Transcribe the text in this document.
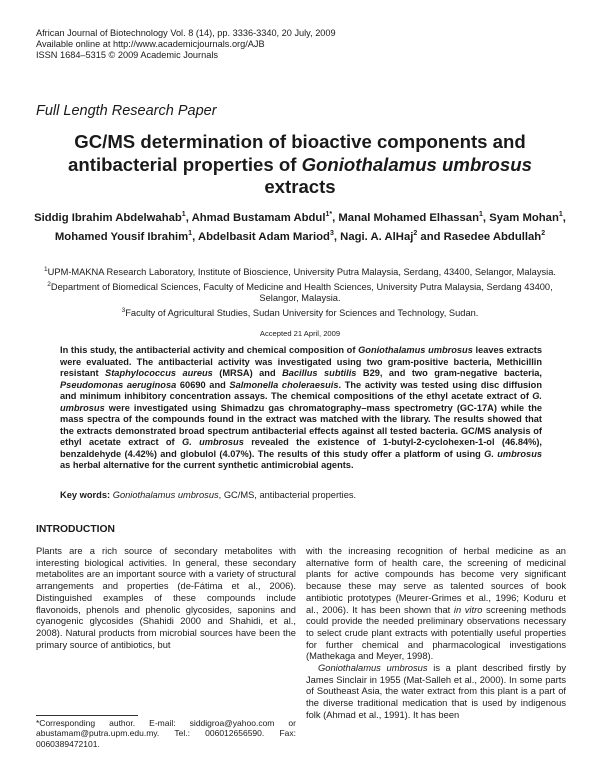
African Journal of Biotechnology Vol. 8 (14), pp. 3336-3340, 20 July, 2009
Available online at http://www.academicjournals.org/AJB
ISSN 1684–5315 © 2009 Academic Journals
Full Length Research Paper
GC/MS determination of bioactive components and antibacterial properties of Goniothalamus umbrosus extracts
Siddig Ibrahim Abdelwahab$^1$, Ahmad Bustamam Abdul$^{1*}$, Manal Mohamed Elhassan$^1$, Syam Mohan$^1$, Mohamed Yousif Ibrahim$^1$, Abdelbasit Adam Mariod$^3$, Nagi. A. AlHaj$^2$ and Rasedee Abdullah$^2$
$^1$UPM-MAKNA Research Laboratory, Institute of Bioscience, University Putra Malaysia, Serdang, 43400, Selangor, Malaysia.
$^2$Department of Biomedical Sciences, Faculty of Medicine and Health Sciences, University Putra Malaysia, Serdang 43400, Selangor, Malaysia.
$^3$Faculty of Agricultural Studies, Sudan University for Sciences and Technology, Sudan.
Accepted 21 April, 2009
In this study, the antibacterial activity and chemical composition of Goniothalamus umbrosus leaves extracts were evaluated. The antibacterial activity was investigated using two gram-positive bacteria, Methicillin resistant Staphylococcus aureus (MRSA) and Bacillus subtilis B29, and two gram-negative bacteria, Pseudomonas aeruginosa 60690 and Salmonella choleraesuis. The activity was tested using disc diffusion and minimum inhibitory concentration assays. The chemical compositions of the ethyl acetate extract of G. umbrosus were investigated using Shimadzu gas chromatography–mass spectrometry (GC-17A) while the mass spectra of the compounds found in the extract was matched with the library. The results showed that the extracts demonstrated broad spectrum antibacterial effects against all tested bacteria. GC/MS analysis of ethyl acetate extract of G. umbrosus revealed the existence of 1-butyl-2-cyclohexen-1-ol (46.84%), benzaldehyde (4.42%) and globulol (4.07%). The results of this study offer a platform of using G. umbrosus as herbal alternative for the current synthetic antimicrobial agents.
Key words: Goniothalamus umbrosus, GC/MS, antibacterial properties.
INTRODUCTION
Plants are a rich source of secondary metabolites with interesting biological activities. In general, these secondary metabolites are an important source with a variety of structural arrangements and properties (de-Fátima et al., 2006). Distinguished examples of these compounds include flavonoids, phenols and phenolic glycosides, saponins and cyanogenic glycosides (Shahidi 2000 and Shahidi, et al., 2008). Natural products from microbial sources have been the primary source of antibiotics, but
with the increasing recognition of herbal medicine as an alternative form of health care, the screening of medicinal plants for active compounds has become very significant because these may serve as talented sources of book antibiotic prototypes (Meurer-Grimes et al., 1996; Koduru et al., 2006). It has been shown that in vitro screening methods could provide the needed preliminary observations necessary to select crude plant extracts with potentially useful properties for further chemical and pharmacological investigations (Mathekaga and Meyer, 1998).
Goniothalamus umbrosus is a plant described firstly by James Sinclair in 1955 (Mat-Salleh et al., 2000). In some parts of Southeast Asia, the water extract from this plant is a part of the diverse traditional medication that is used by indigenous folk (Ahmad et al., 1991). It has been
*Corresponding author. E-mail: siddigroa@yahoo.com or abustamam@putra.upm.edu.my. Tel.: 006012656590. Fax: 0060389472101.
